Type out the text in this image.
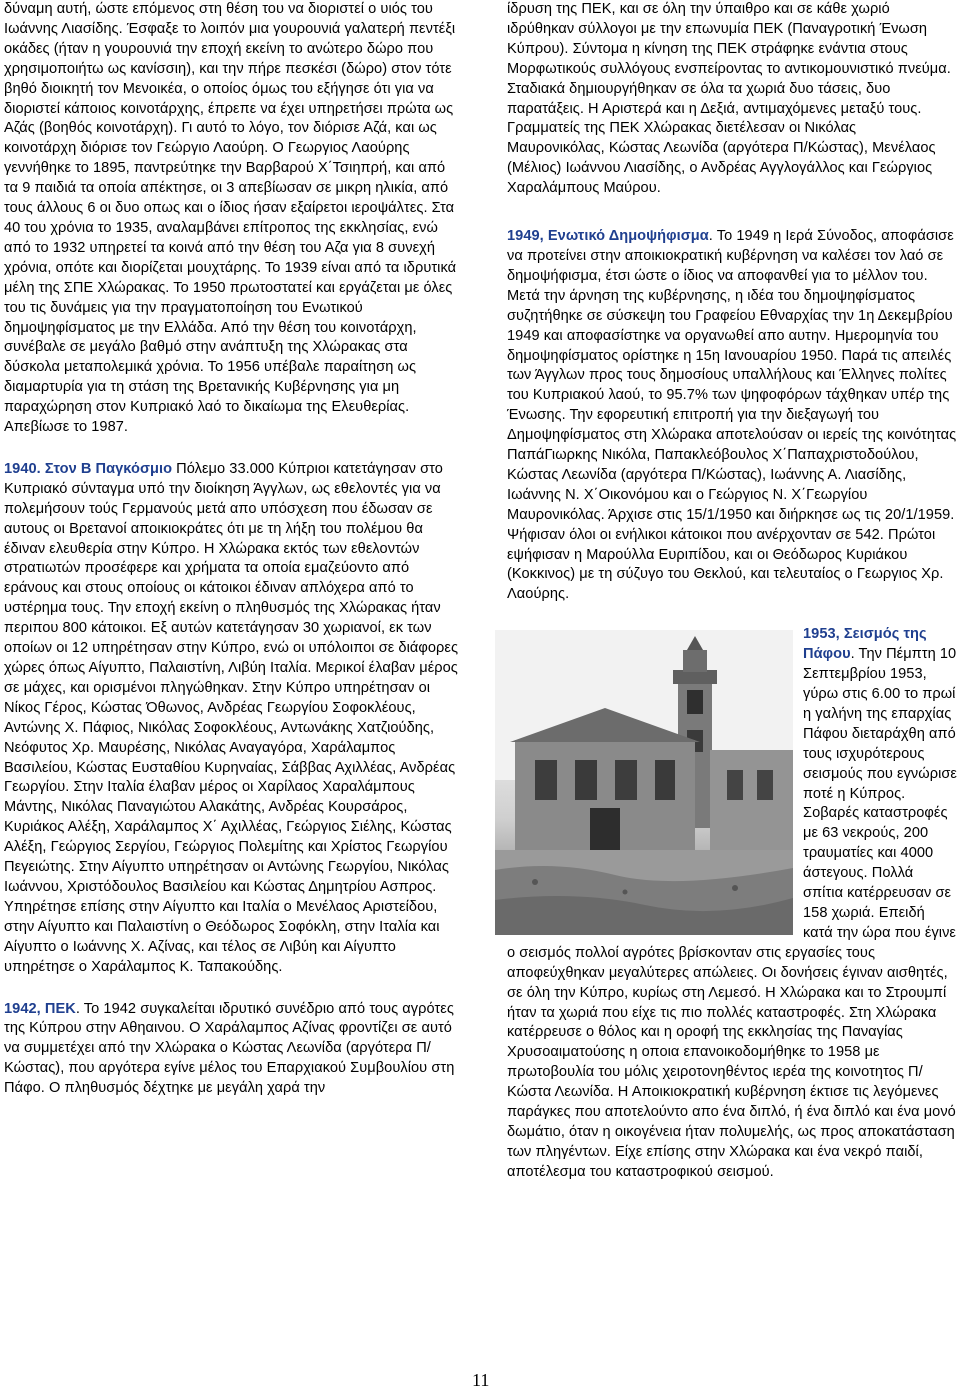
δύναμη αυτή, ώστε επόμενος στη θέση του να διοριστεί ο υιός του Ιωάννης Λιασίδης. Έσφαξε το λοιπόν μια γουρουνιά γαλατερή πεντέξι οκάδες (ήταν η γουρουνιά την εποχή εκείνη το ανώτερο δώρο που χρησιμοποιήτω ως κανίσσιη), και την πήρε πεσκέσι (δώρο) στον τότε βηθό διοικητή τον Μενοικέα, ο οποίος όμως του εξήγησε ότι για να διοριστεί κάποιος κοινοτάρχης, έπρεπε να έχει υπηρετήσει πρώτα ως Αζάς (βοηθός κοινοτάρχη). Γι αυτό το λόγο, τον διόρισε Αζά, και ως κοινοτάρχη διόρισε τον Γεώργιο Λαούρη. Ο Γεωργιος Λαούρης γεννήθηκε το 1895, παντρεύτηκε την Βαρβαρού Χ΄Τσιηπρή, και από τα 9 παιδιά τα οποία απέκτησε, οι 3 απεβίωσαν σε μικρη ηλικία, από τους άλλους 6 οι δυο οπως και ο ίδιος ήσαν εξαίρετοι ιεροψάλτες. Στα 40 του χρόνια το 1935, αναλαμβάνει επίτροπος της εκκλησίας, ενώ από το 1932 υπηρετεί τα κοινά από την θέση του Αζα για 8 συνεχή χρόνια, οπότε και διορίζεται μουχτάρης. Το 1939 είναι από τα ιδρυτικά μέλη της ΣΠΕ Χλώρακας. Το 1950 πρωτοστατεί και εργάζεται με όλες του τις δυνάμεις για την πραγματοποίηση του Ενωτικού δημοψηφίσματος με την Ελλάδα. Από την θέση του κοινοτάρχη, συνέβαλε σε μεγάλο βαθμό στην ανάπτυξη της Χλώρακας στα δύσκολα μεταπολεμικά χρόνια. Το 1956 υπέβαλε παραίτηση ως διαμαρτυρία για τη στάση της Βρετανικής Κυβέρνησης για μη παραχώρηση στον Κυπριακό λαό το δικαίωμα της Ελευθερίας. Απεβίωσε το 1987.

1940. Στον Β Παγκόσμιο Πόλεμο 33.000 Κύπριοι κατετάγησαν στο Κυπριακό σύνταγμα υπό την διοίκηση Άγγλων, ως εθελοντές για να πολεμήσουν τούς Γερμανούς μετά απο υπόσχεση που έδωσαν σε αυτους οι Βρετανοί αποικιοκράτες ότι με τη λήξη του πολέμου θα έδιναν ελευθερία στην Κύπρο. Η Χλώρακα εκτός των εθελοντών στρατιωτών προσέφερε και χρήματα τα οποία εμαζεύοντο από εράνους και στους οποίους οι κάτοικοι έδιναν απλόχερα από το υστέρημα τους. Την εποχή εκείνη ο πληθυσμός της Χλώρακας ήταν περιπου 800 κάτοικοι. Εξ αυτών κατετάγησαν 30 χωριανοί, εκ των οποίων οι 12 υπηρέτησαν στην Κύπρο, ενώ οι υπόλοιποι σε διάφορες χώρες όπως Αίγυπτο, Παλαιστίνη, Λιβύη Ιταλία. Μερικοί έλαβαν μέρος σε μάχες, και ορισμένοι πληγώθηκαν. Στην Κύπρο υπηρέτησαν οι Νίκος Γέρος, Κώστας Όθωνος, Ανδρέας Γεωργίου Σοφοκλέους, Αντώνης Χ. Πάφιος, Νικόλας Σοφοκλέους, Αντωνάκης Χατζιούδης, Νεόφυτος Χρ. Μαυρέσης, Νικόλας Αναγαγόρα, Χαράλαμπος Βασιλείου, Κώστας Ευσταθίου Κυρηναίας, Σάββας Αχιλλέας, Ανδρέας Γεωργίου. Στην Ιταλία έλαβαν μέρος οι Χαρίλαος Χαραλάμπους Μάντης, Νικόλας Παναγιώτου Αλακάτης, Ανδρέας Κουρσάρος, Κυριάκος Αλέξη, Χαράλαμπος Χ΄ Αχιλλέας, Γεώργιος Σιέλης, Κώστας Αλέξη, Γεώργιος Σεργίου, Γεώργιος Πολεμίτης και Χρίστος Γεωργίου Πεγειώτης. Στην Αίγυπτο υπηρέτησαν οι Αντώνης Γεωργίου, Νικόλας Ιωάννου, Χριστόδουλος Βασιλείου και Κώστας Δημητρίου Ασπρος. Υπηρέτησε επίσης στην Αίγυπτο και Ιταλία ο Μενέλαος Αριστείδου, στην Αίγυπτο και Παλαιστίνη ο Θεόδωρος Σοφόκλη, στην Ιταλία και Αίγυπτο ο Ιωάννης Χ. Αζίνας, και τέλος σε Λιβύη και Αίγυπτο υπηρέτησε ο Χαράλαμπος Κ. Ταπακούδης.

1942, ΠΕΚ. Το 1942 συγκαλείται ιδρυτικό συνέδριο από τους αγρότες της Κύπρου στην Αθηαινου. Ο Χαράλαμπος Αζίνας φροντίζει σε αυτό να συμμετέχει από την Χλώρακα ο Κώστας Λεωνίδα (αργότερα Π/Κώστας), που αργότερα εγίνε μέλος του Επαρχιακού Συμβουλίου στη Πάφο. Ο πληθυσμός δέχτηκε με μεγάλη χαρά την

ίδρυση της ΠΕΚ, και σε όλη την ύπαιθρο και σε κάθε χωριό ιδρύθηκαν σύλλογοι με την επωνυμία ΠΕΚ (Παναγροτική Ένωση Κύπρου). Σύντομα η κίνηση της ΠΕΚ στράφηκε ενάντια στους Μορφωτικούς συλλόγους ενσπείροντας το αντικομουνιστικό πνεύμα. Σταδιακά δημιουργήθηκαν σε όλα τα χωριά δυο τάσεις, δυο παρατάξεις. Η Αριστερά και η Δεξιά, αντιμαχόμενες μεταξύ τους. Γραμματείς της ΠΕΚ Χλώρακας διετέλεσαν οι Νικόλας Μαυρονικόλας, Κώστας Λεωνίδα (αργότερα Π/Κώστας), Μενέλαος (Μέλιος) Ιωάννου Λιασίδης, ο Ανδρέας Αγγλογάλλος και Γεώργιος Χαραλάμπους Μαύρου.

1949, Ενωτικό Δημοψήφισμα. Το 1949 η Ιερά Σύνοδος, αποφάσισε να προτείνει στην αποικιοκρατική κυβέρνηση να καλέσει τον λαό σε δημοψήφισμα, έτσι ώστε ο ίδιος να αποφανθεί για το μέλλον του. Μετά την άρνηση της κυβέρνησης, η ιδέα του δημοψηφίσματος συζητήθηκε σε σύσκεψη του Γραφείου Εθναρχίας την 1η Δεκεμβρίου 1949 και αποφασίστηκε να οργανωθεί απο αυτην. Ημερομηνία του δημοψηφίσματος ορίστηκε η 15η Ιανουαρίου 1950. Παρά τις απειλές των Άγγλων προς τους δημοσίους υπαλλήλους και Έλληνες πολίτες του Κυπριακού λαού, το 95.7% των ψηφοφόρων τάχθηκαν υπέρ της Ένωσης. Την εφορευτική επιτροπή για την διεξαγωγή του Δημοψηφίσματος στη Χλώρακα αποτελούσαν οι ιερείς της κοινότητας ΠαπάΓιωρκης Νικόλα, Παπακλεόβουλος Χ΄Παπαχριστοδούλου, Κώστας Λεωνίδα (αργότερα Π/Κώστας), Ιωάννης Α. Λιασίδης, Ιωάννης Ν. Χ΄Οικονόμου και ο Γεώργιος Ν. Χ΄Γεωργίου Μαυρονικόλας. Άρχισε στις 15/1/1950 και διήρκησε ως τις 20/1/1959. Ψήφισαν όλοι οι ενήλικοι κάτοικοι που ανέρχονταν σε 542. Πρώτοι εψήφισαν η Μαρούλλα Ευριπίδου, και οι Θεόδωρος Κυριάκου (Κοκκινος) με τη σύζυγο του Θεκλού, και τελευταίος ο Γεωργιος Χρ. Λαούρης.

1953, Σεισμός της Πάφου. Την Πέμπτη 10 Σεπτεμβρίου 1953, γύρω στις 6.00 το πρωί η γαλήνη της επαρχίας Πάφου διεταράχθη από τους ισχυρότερους σεισμούς που εγνώρισε ποτέ η Κύπρος. Σοβαρές καταστροφές με 63 νεκρούς, 200 τραυματίες και 4000 άστεγους. Πολλά σπίτια κατέρρευσαν σε 158 χωριά. Επειδή κατά την ώρα που έγινε ο σεισμός πολλοί αγρότες βρίσκονταν στις εργασίες τους αποφεύχθηκαν μεγαλύτερες απώλειες. Οι δονήσεις έγιναν αισθητές, σε όλη την Κύπρο, κυρίως στη Λεμεσό. Η Χλώρακα και το Στρουμπί ήταν τα χωριά που είχε τις πιο πολλές καταστροφές. Στη Χλώρακα κατέρρευσε ο θόλος και η οροφή της εκκλησίας της Παναγίας Χρυσοαιματούσης η οποια επανοικοδομήθηκε το 1958 με πρωτοβουλία του μόλις χειροτονηθέντος ιερέα της κοινοτητος Π/Κώστα Λεωνίδα. Η Αποικιοκρατική κυβέρνηση έκτισε τις λεγόμενες παράγκες που αποτελούντο απο ένα διπλό, ή ένα διπλό και ένα μονό δωμάτιο, όταν η οικογένεια ήταν πολυμελής, ως προς αποκατάσταση των πληγέντων. Είχε επίσης στην Χλώρακα και ένα νεκρό παιδί, αποτέλεσμα του καταστροφικού σεισμού.

11
